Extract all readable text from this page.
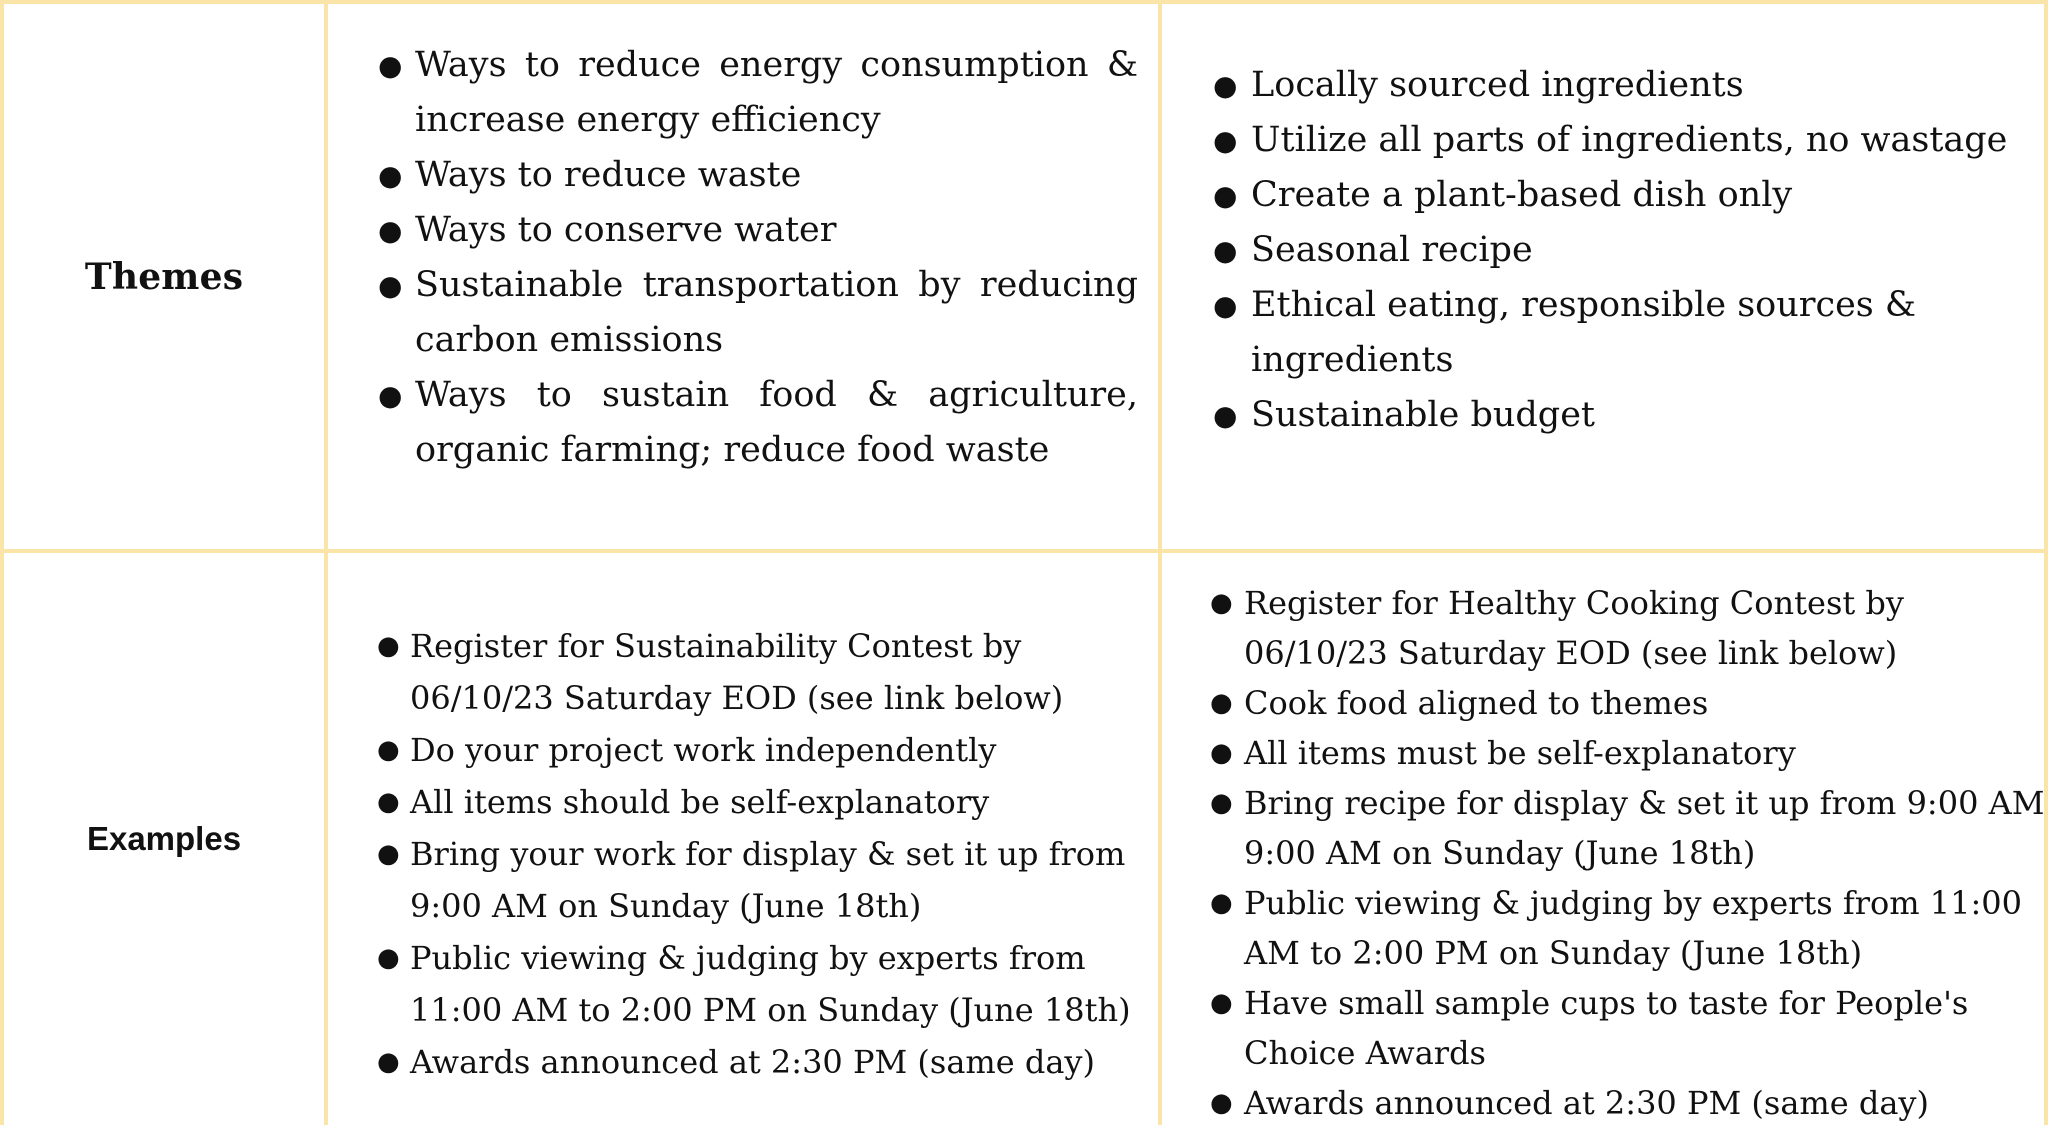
Themes
● Ways to reduce energy consumption & increase energy efficiency
● Ways to reduce waste
● Ways to conserve water
● Sustainable transportation by reducing carbon emissions
● Ways to sustain food & agriculture, organic farming; reduce food waste
● Locally sourced ingredients
● Utilize all parts of ingredients, no wastage
● Create a plant-based dish only
● Seasonal recipe
● Ethical eating, responsible sources & ingredients
● Sustainable budget
Examples
● Register for Sustainability Contest by 06/10/23 Saturday EOD (see link below)
● Do your project work independently
● All items should be self-explanatory
● Bring your work for display & set it up from 9:00 AM on Sunday (June 18th)
● Public viewing & judging by experts from 11:00 AM to 2:00 PM on Sunday (June 18th)
● Awards announced at 2:30 PM (same day)
● Register for Healthy Cooking Contest by 06/10/23 Saturday EOD (see link below)
● Cook food aligned to themes
● All items must be self-explanatory
● Bring recipe for display & set it up from 9:00 AM 9:00 AM on Sunday (June 18th)
● Public viewing & judging by experts from 11:00 AM to 2:00 PM on Sunday (June 18th)
● Have small sample cups to taste for People's Choice Awards
● Awards announced at 2:30 PM (same day)
